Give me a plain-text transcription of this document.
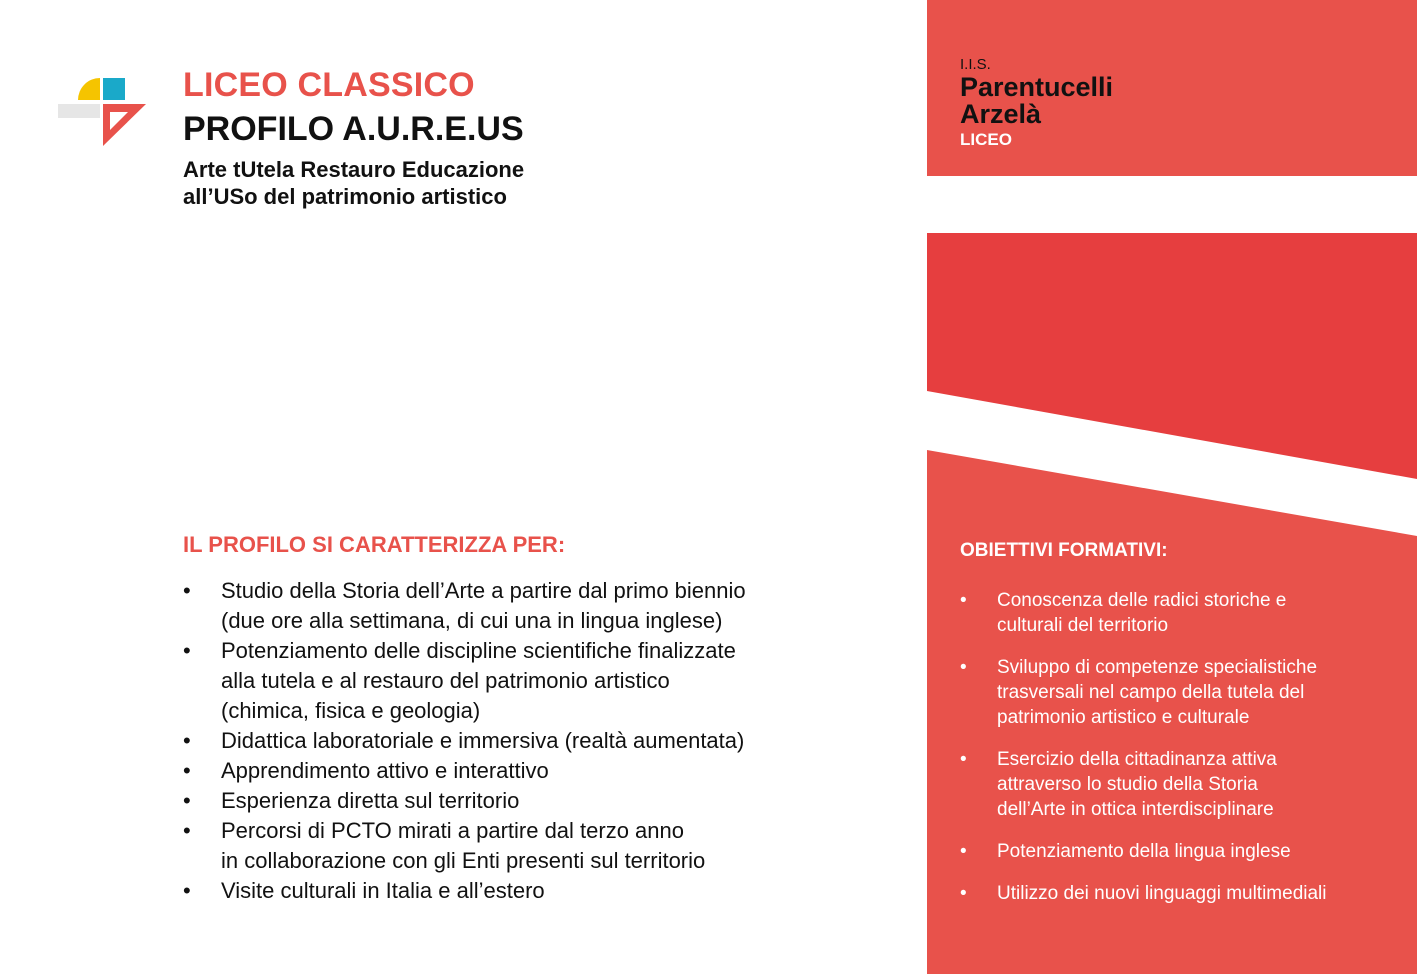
LICEO CLASSICO
PROFILO A.U.R.E.US
Arte tUtela Restauro Educazione
all’USo del patrimonio artistico
IL PROFILO SI CARATTERIZZA PER:
• Studio della Storia dell’Arte a partire dal primo biennio
(due ore alla settimana, di cui una in lingua inglese)
• Potenziamento delle discipline scientifiche finalizzate
alla tutela e al restauro del patrimonio artistico
(chimica, fisica e geologia)
• Didattica laboratoriale e immersiva (realtà aumentata)
• Apprendimento attivo e interattivo
• Esperienza diretta sul territorio
• Percorsi di PCTO mirati a partire dal terzo anno
in collaborazione con gli Enti presenti sul territorio
• Visite culturali in Italia e all’estero
I.I.S.
Parentucelli
Arzelà
LICEO
OBIETTIVI FORMATIVI:
• Conoscenza delle radici storiche e
culturali del territorio
• Sviluppo di competenze specialistiche
trasversali nel campo della tutela del
patrimonio artistico e culturale
• Esercizio della cittadinanza attiva
attraverso lo studio della Storia
dell’Arte in ottica interdisciplinare
• Potenziamento della lingua inglese
• Utilizzo dei nuovi linguaggi multimediali
